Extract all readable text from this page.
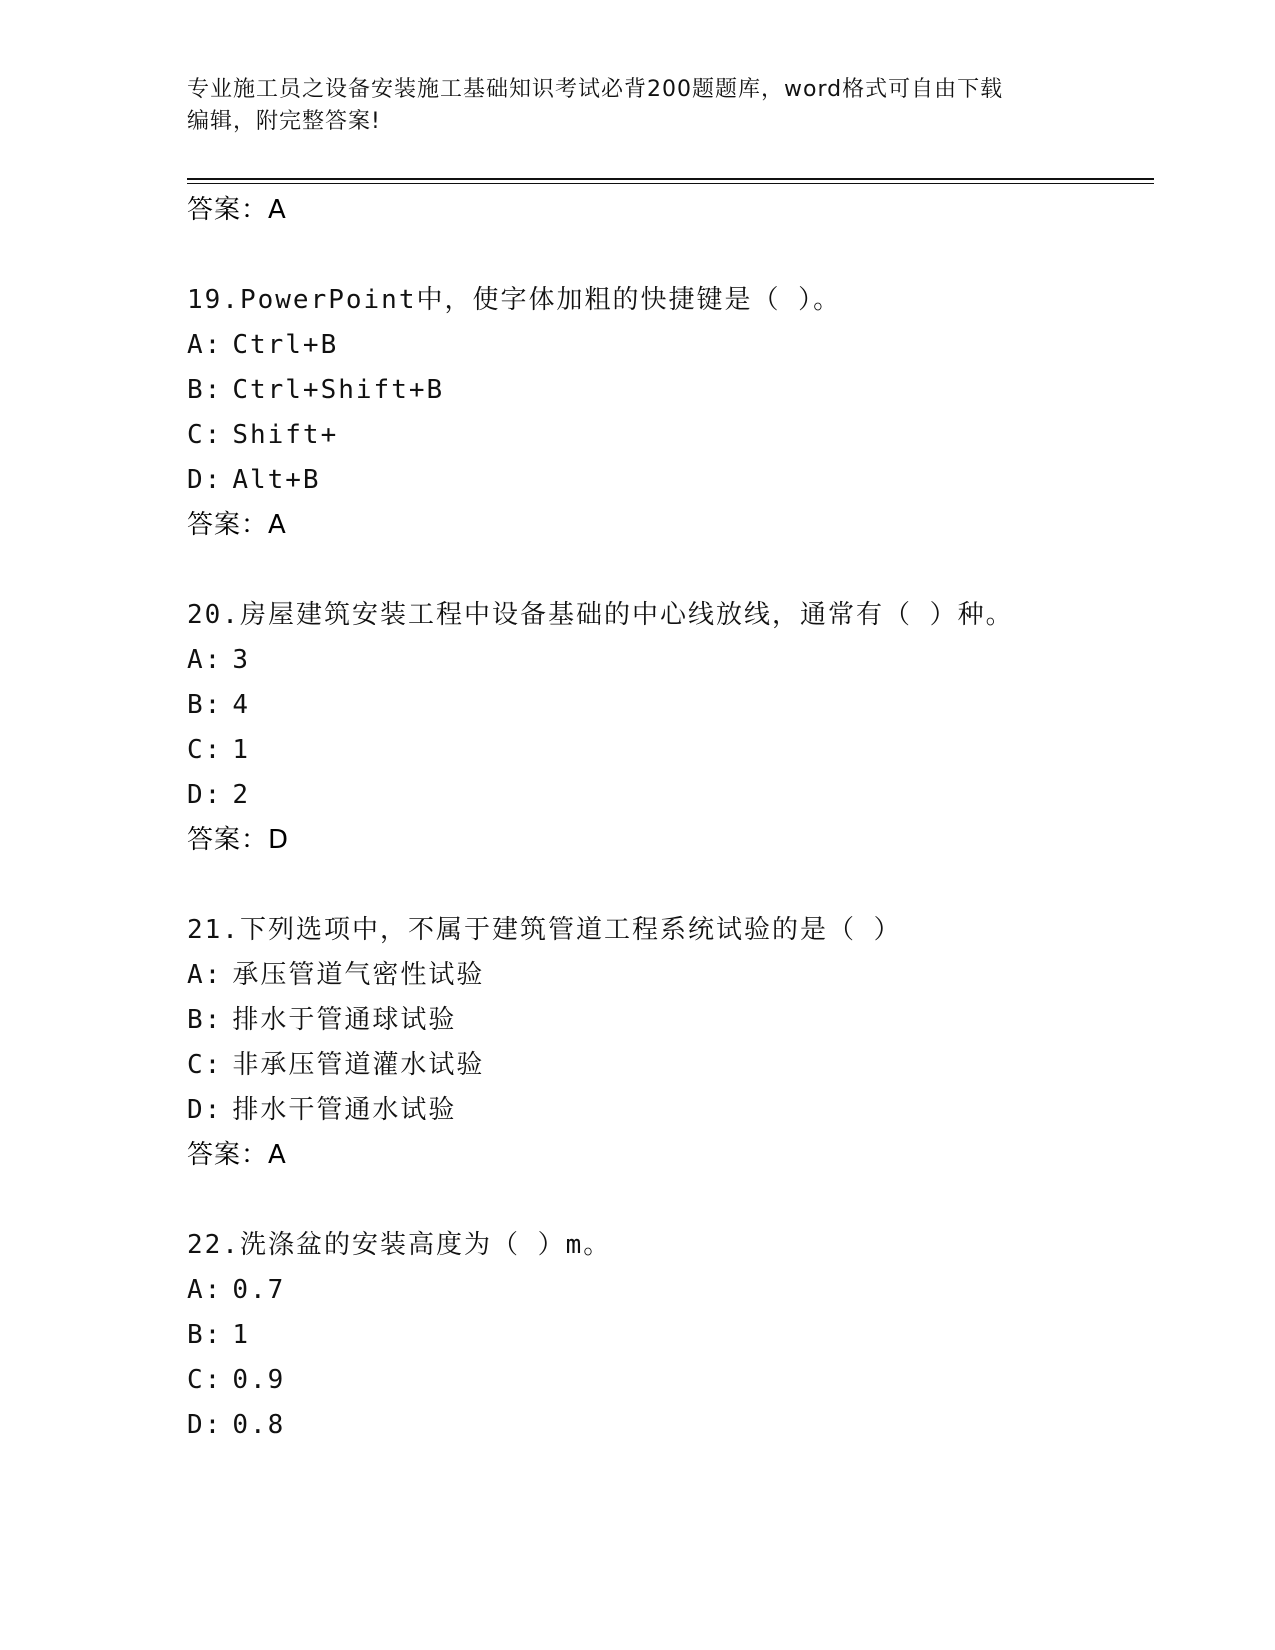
专业施工员之设备安装施工基础知识考试必背200题题库，word格式可自由下载
编辑，附完整答案!
答案：A
19.PowerPoint中，使字体加粗的快捷键是（ ）。
A: Ctrl+B
B: Ctrl+Shift+B
C: Shift+
D: Alt+B
答案：A
20.房屋建筑安装工程中设备基础的中心线放线，通常有（ ）种。
A: 3
B: 4
C: 1
D: 2
答案：D
21.下列选项中，不属于建筑管道工程系统试验的是（ ）
A: 承压管道气密性试验
B: 排水于管通球试验
C: 非承压管道灌水试验
D: 排水干管通水试验
答案：A
22.洗涤盆的安装高度为（ ）m。
A: 0.7
B: 1
C: 0.9
D: 0.8
